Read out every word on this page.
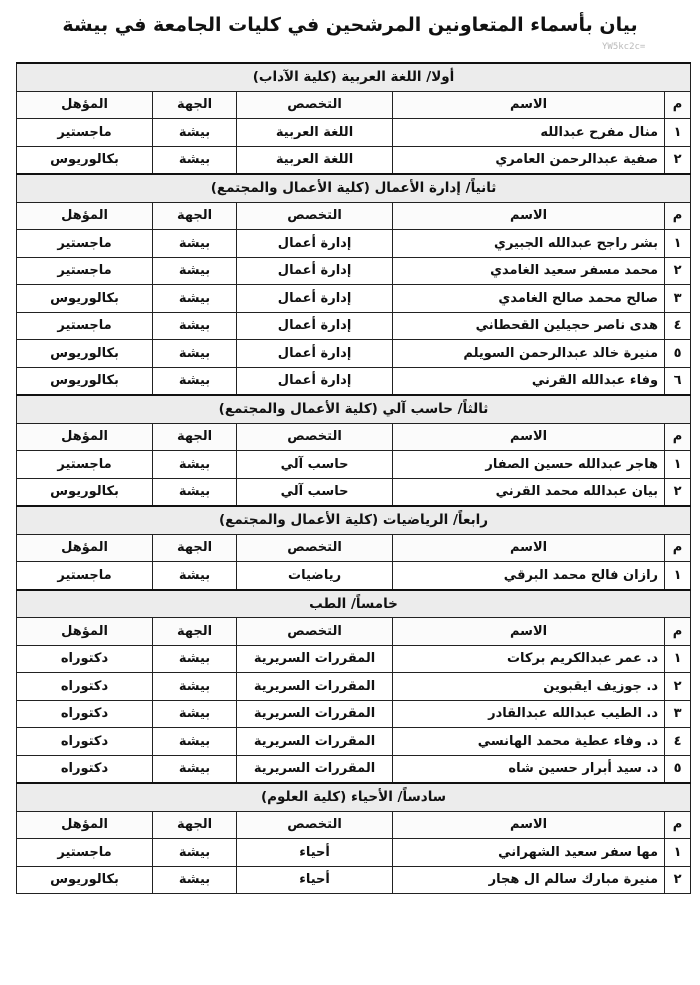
بيان بأسماء المتعاونين المرشحين في كليات الجامعة في بيشة
YW5kc2c=
أولا/ اللغة العربية (كلية الآداب)				
م	الاسم	التخصص	الجهة	المؤهل
١	منال مفرح عبدالله	اللغة العربية	بيشة	ماجستير
٢	صفية عبدالرحمن العامري	اللغة العربية	بيشة	بكالوريوس
ثانياً/ إدارة الأعمال (كلية الأعمال والمجتمع)				
م	الاسم	التخصص	الجهة	المؤهل
١	بشر راجح عبدالله الجبيري	إدارة أعمال	بيشة	ماجستير
٢	محمد مسفر سعيد الغامدي	إدارة أعمال	بيشة	ماجستير
٣	صالح محمد صالح الغامدي	إدارة أعمال	بيشة	بكالوريوس
٤	هدى ناصر حجيلين القحطاني	إدارة أعمال	بيشة	ماجستير
٥	منيرة خالد عبدالرحمن السويلم	إدارة أعمال	بيشة	بكالوريوس
٦	وفاء عبدالله القرني	إدارة أعمال	بيشة	بكالوريوس
ثالثاً/ حاسب آلي (كلية الأعمال والمجتمع)				
م	الاسم	التخصص	الجهة	المؤهل
١	هاجر عبدالله حسين الصفار	حاسب آلي	بيشة	ماجستير
٢	بيان عبدالله محمد القرني	حاسب آلي	بيشة	بكالوريوس
رابعاً/ الرياضيات (كلية الأعمال والمجتمع)				
م	الاسم	التخصص	الجهة	المؤهل
١	رازان فالح محمد البرقي	رياضيات	بيشة	ماجستير
خامساً/ الطب				
م	الاسم	التخصص	الجهة	المؤهل
١	د. عمر عبدالكريم بركات	المقررات السريرية	بيشة	دكتوراه
٢	د. جوزيف ايقبوين	المقررات السريرية	بيشة	دكتوراه
٣	د. الطيب عبدالله عبدالقادر	المقررات السريرية	بيشة	دكتوراه
٤	د. وفاء عطية محمد الهانسي	المقررات السريرية	بيشة	دكتوراه
٥	د. سيد أبرار حسين شاه	المقررات السريرية	بيشة	دكتوراه
سادساً/ الأحياء (كلية العلوم)				
م	الاسم	التخصص	الجهة	المؤهل
١	مها سفر سعيد الشهراني	أحياء	بيشة	ماجستير
٢	منيرة مبارك سالم ال هجار	أحياء	بيشة	بكالوريوس
